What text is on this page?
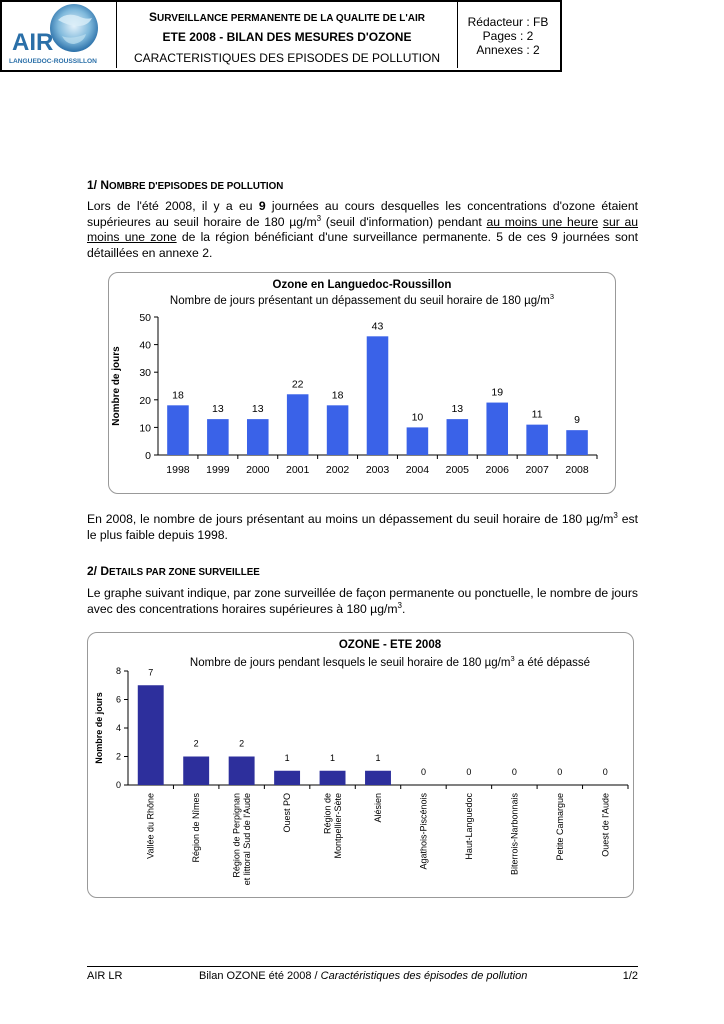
AIR
LANGUEDOC-ROUSSILLON
SURVEILLANCE PERMANENTE DE LA QUALITE DE L'AIR
ETE 2008 - BILAN DES MESURES D'OZONE
CARACTERISTIQUES DES EPISODES DE POLLUTION
Rédacteur : FB
Pages : 2
Annexes : 2
1/ NOMBRE D'EPISODES DE POLLUTION

Lors de l'été 2008, il y a eu 9 journées au cours desquelles les concentrations d'ozone étaient supérieures au seuil horaire de 180 $\mu g/m^3$ (seuil d'information) pendant au moins une heure sur au moins une zone de la région bénéficiant d'une surveillance permanente. 5 de ces 9 journées sont détaillées en annexe 2.

Ozone en Languedoc-Roussillon
Nombre de jours présentant un dépassement du seuil horaire de 180 $\mu g/m^3$
Nombre de jours
0
10
20
30
40
50
18
1998
13
1999
13
2000
22
2001
18
2002
43
2003
10
2004
13
2005
19
2006
11
2007
9
2008

En 2008, le nombre de jours présentant au moins un dépassement du seuil horaire de 180 $\mu g/m^3$ est le plus faible depuis 1998.

2/ DETAILS PAR ZONE SURVEILLEE

Le graphe suivant indique, par zone surveillée de façon permanente ou ponctuelle, le nombre de jours avec des concentrations horaires supérieures à 180 $\mu g/m^3$.

OZONE - ETE 2008
Nombre de jours pendant lesquels le seuil horaire de 180 $\mu g/m^3$ a été dépassé
Nombre de jours
0
2
4
6
8	7
Vallée du Rhône
2
Région de Nîmes
2
Région de Perpignanet littoral Sud de l'Aude
1
Ouest PO
1
Région deMontpellier-Sète
1
Alésien
0
Agathois-Piscénois
0
Haut-Languedoc
0
Biterrois-Narbonnais
0
Petite Camargue
0
Ouest de l'Aude
AIR LR	Bilan OZONE été 2008 / Caractéristiques des épisodes de pollution	1/2
